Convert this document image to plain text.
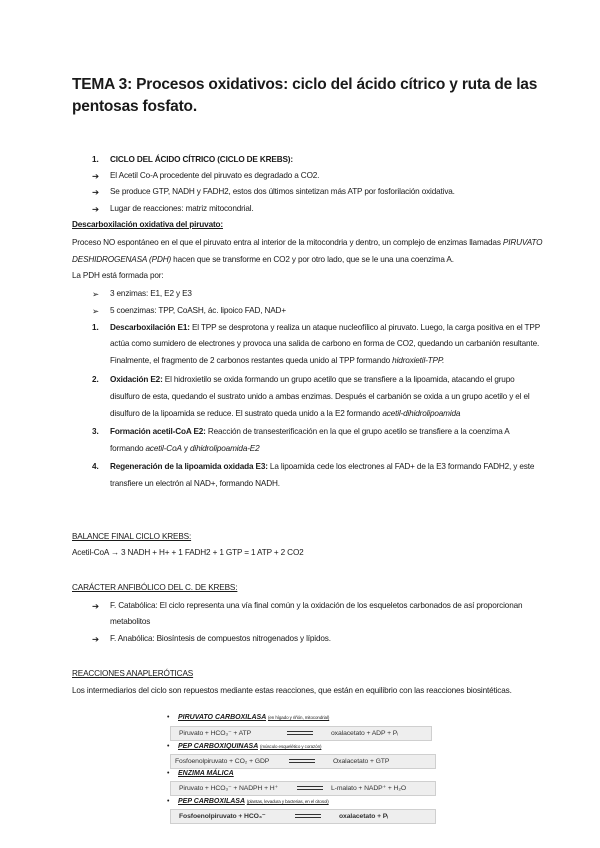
TEMA 3: Procesos oxidativos: ciclo del ácido cítrico y ruta de las pentosas fosfato.
1. CICLO DEL ÁCIDO CÍTRICO (CICLO DE KREBS):
➔ El Acetil Co-A procedente del piruvato es degradado a CO2.
➔ Se produce GTP, NADH y FADH2, estos dos últimos sintetizan más ATP por fosforilación oxidativa.
➔ Lugar de reacciones: matriz mitocondrial.
Descarboxilación oxidativa del piruvato:
Proceso NO espontáneo en el que el piruvato entra al interior de la mitocondria y dentro, un complejo de enzimas llamadas PIRUVATO
DESHIDROGENASA (PDH) hacen que se transforme en CO2 y por otro lado, que se le una una coenzima A.
La PDH está formada por:
➢ 3 enzimas: E1, E2 y E3
➢ 5 coenzimas: TPP, CoASH, ác. lipoico FAD, NAD+
1. Descarboxilación E1: El TPP se desprotona y realiza un ataque nucleofílico al piruvato. Luego, la carga positiva en el TPP
actúa como sumidero de electrones y provoca una salida de carbono en forma de CO2, quedando un carbanión resultante.
Finalmente, el fragmento de 2 carbonos restantes queda unido al TPP formando hidroxietil-TPP.
2. Oxidación E2: El hidroxietilo se oxida formando un grupo acetilo que se transfiere a la lipoamida, atacando el grupo
disulfuro de esta, quedando el sustrato unido a ambas enzimas. Después el carbanión se oxida a un grupo acetilo y el el
disulfuro de la lipoamida se reduce. El sustrato queda unido a la E2 formando acetil-dihidrolipoamida
3. Formación acetil-CoA E2: Reacción de transesterificación en la que el grupo acetilo se transfiere a la coenzima A
formando acetil-CoA y dihidrolipoamida-E2
4. Regeneración de la lipoamida oxidada E3: La lipoamida cede los electrones al FAD+ de la E3 formando FADH2, y este
transfiere un electrón al NAD+, formando NADH.
BALANCE FINAL CICLO KREBS:
Acetil-CoA → 3 NADH + H+ + 1 FADH2 + 1 GTP = 1 ATP + 2 CO2
CARÁCTER ANFIBÓLICO DEL C. DE KREBS:
➔ F. Catabólica: El ciclo representa una vía final común y la oxidación de los esqueletos carbonados de así proporcionan
metabolitos
➔ F. Anabólica: Biosíntesis de compuestos nitrogenados y lípidos.
REACCIONES ANAPLERÓTICAS
Los intermediarios del ciclo son repuestos mediante estas reacciones, que están en equilibrio con las reacciones biosintéticas.
• PIRUVATO CARBOXILASA (en hígado y riñón, mitocondrial)
Piruvato + HCO₃⁻ + ATP	oxalacetato + ADP + Pᵢ
• PEP CARBOXIQUINASA (músculo esquelético y corazón)
Fosfoenolpiruvato + CO₂ + GDP	Oxalacetato + GTP
• ENZIMA MÁLICA
Piruvato + HCO₃⁻ + NADPH + H⁺	L-malato + NADP⁺ + H₂O
• PEP CARBOXILASA (plantas, levadura y bacterias, en el citosol)
Fosfoenolpiruvato + HCO₃⁻	oxalacetato + Pᵢ
